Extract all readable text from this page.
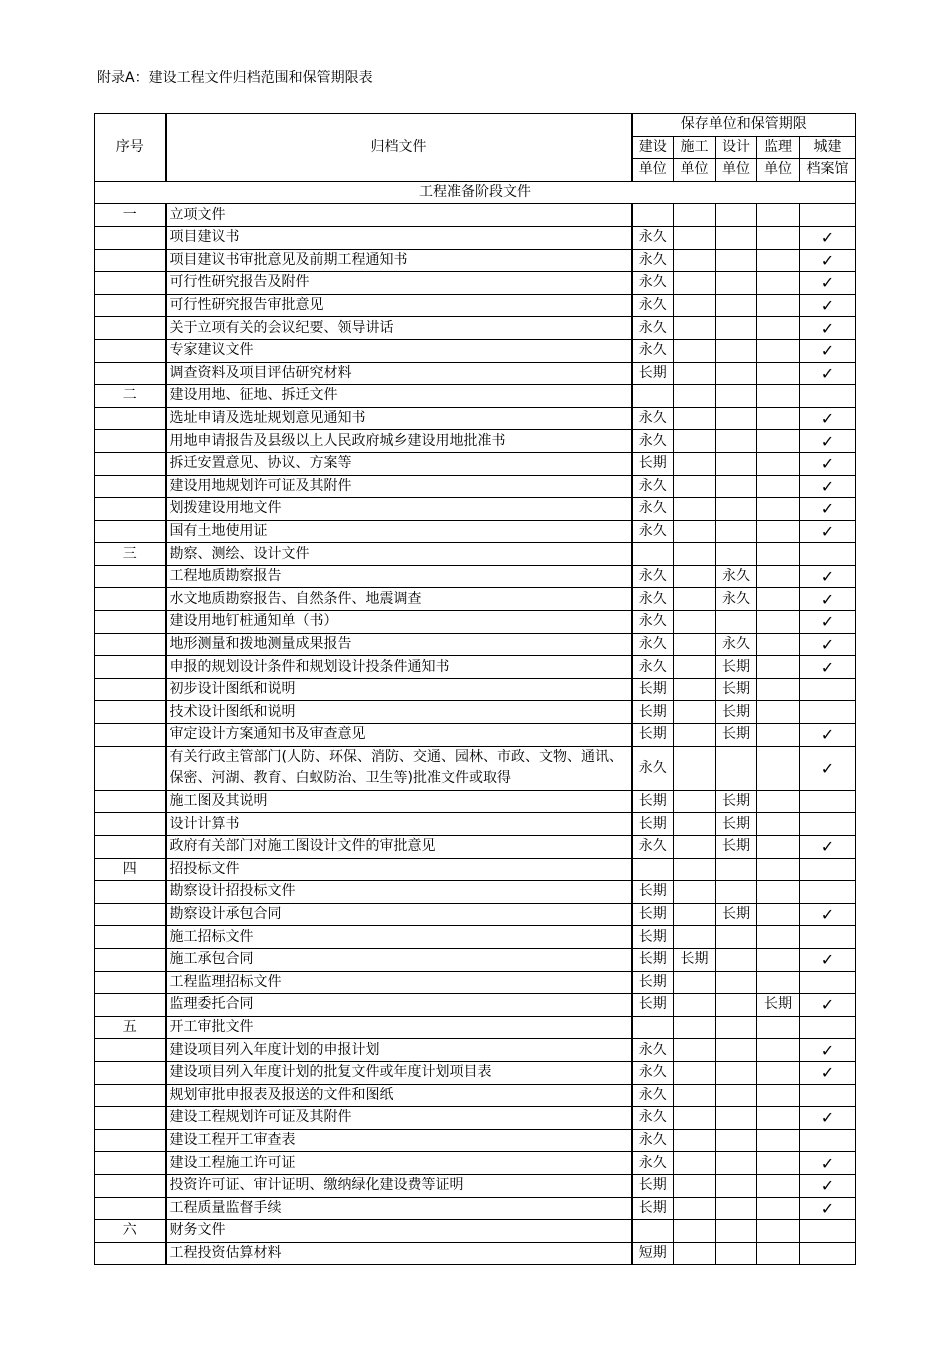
附录A：建设工程文件归档范围和保管期限表
序号	归档文件	保存单位和保管期限				
		建设	施工	设计	监理	城建
		单位	单位	单位	单位	档案馆
工程准备阶段文件						
一	立项文件					
	项目建议书	永久				✓
	项目建议书审批意见及前期工程通知书	永久				✓
	可行性研究报告及附件	永久				✓
	可行性研究报告审批意见	永久				✓
	关于立项有关的会议纪要、领导讲话	永久				✓
	专家建议文件	永久				✓
	调查资料及项目评估研究材料	长期				✓
二	建设用地、征地、拆迁文件					
	选址申请及选址规划意见通知书	永久				✓
	用地申请报告及县级以上人民政府城乡建设用地批准书	永久				✓
	拆迁安置意见、协议、方案等	长期				✓
	建设用地规划许可证及其附件	永久				✓
	划拨建设用地文件	永久				✓
	国有土地使用证	永久				✓
三	勘察、测绘、设计文件					
	工程地质勘察报告	永久		永久		✓
	水文地质勘察报告、自然条件、地震调查	永久		永久		✓
	建设用地钉桩通知单（书）	永久				✓
	地形测量和拨地测量成果报告	永久		永久		✓
	申报的规划设计条件和规划设计投条件通知书	永久		长期		✓
	初步设计图纸和说明	长期		长期		
	技术设计图纸和说明	长期		长期		
	审定设计方案通知书及审查意见	长期		长期		✓
	有关行政主管部门(人防、环保、消防、交通、园林、市政、文物、通讯、保密、河湖、教育、白蚁防治、卫生等)批准文件或取得	永久				✓
	施工图及其说明	长期		长期		
	设计计算书	长期		长期		
	政府有关部门对施工图设计文件的审批意见	永久		长期		✓
四	招投标文件					
	勘察设计招投标文件	长期				
	勘察设计承包合同	长期		长期		✓
	施工招标文件	长期				
	施工承包合同	长期	长期			✓
	工程监理招标文件	长期				
	监理委托合同	长期			长期	✓
五	开工审批文件					
	建设项目列入年度计划的申报计划	永久				✓
	建设项目列入年度计划的批复文件或年度计划项目表	永久				✓
	规划审批申报表及报送的文件和图纸	永久				
	建设工程规划许可证及其附件	永久				✓
	建设工程开工审查表	永久				
	建设工程施工许可证	永久				✓
	投资许可证、审计证明、缴纳绿化建设费等证明	长期				✓
	工程质量监督手续	长期				✓
六	财务文件					
	工程投资估算材料	短期				
